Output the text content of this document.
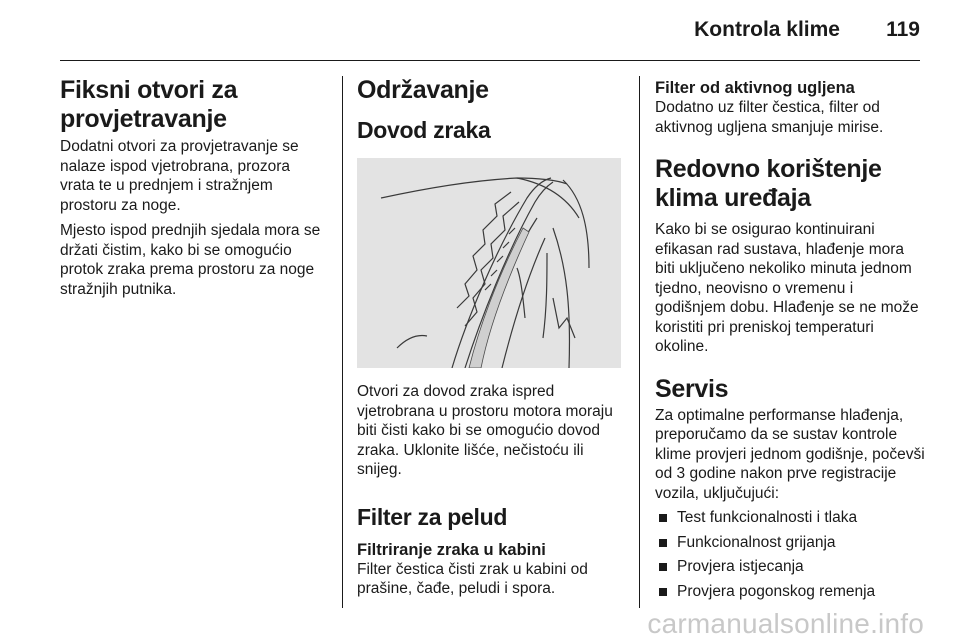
Kontrola klime 119
Fiksni otvori za provjetravanje

Dodatni otvori za provjetravanje se nalaze ispod vjetrobrana, prozora vrata te u prednjem i stražnjem prostoru za noge.

Mjesto ispod prednjih sjedala mora se držati čistim, kako bi se omogućio protok zraka prema prostoru za noge stražnjih putnika.

Održavanje
Dovod zraka

Otvori za dovod zraka ispred vjetrobrana u prostoru motora moraju biti čisti kako bi se omogućio dovod zraka. Uklonite lišće, nečistoću ili snijeg.

Filter za pelud
Filtriranje zraka u kabini

Filter čestica čisti zrak u kabini od prašine, čađe, peludi i spora.

Filter od aktivnog ugljena

Dodatno uz filter čestica, filter od aktivnog ugljena smanjuje mirise.

Redovno korištenje klima uređaja

Kako bi se osigurao kontinuirani efikasan rad sustava, hlađenje mora biti uključeno nekoliko minuta jednom tjedno, neovisno o vremenu i godišnjem dobu. Hlađenje se ne može koristiti pri preniskoj temperaturi okoline.

Servis

Za optimalne performanse hlađenja, preporučamo da se sustav kontrole klime provjeri jednom godišnje, počevši od 3 godine nakon prve registracije vozila, uključujući:

Test funkcionalnosti i tlaka
Funkcionalnost grijanja
Provjera istjecanja
Provjera pogonskog remenja
carmanualsonline.info
